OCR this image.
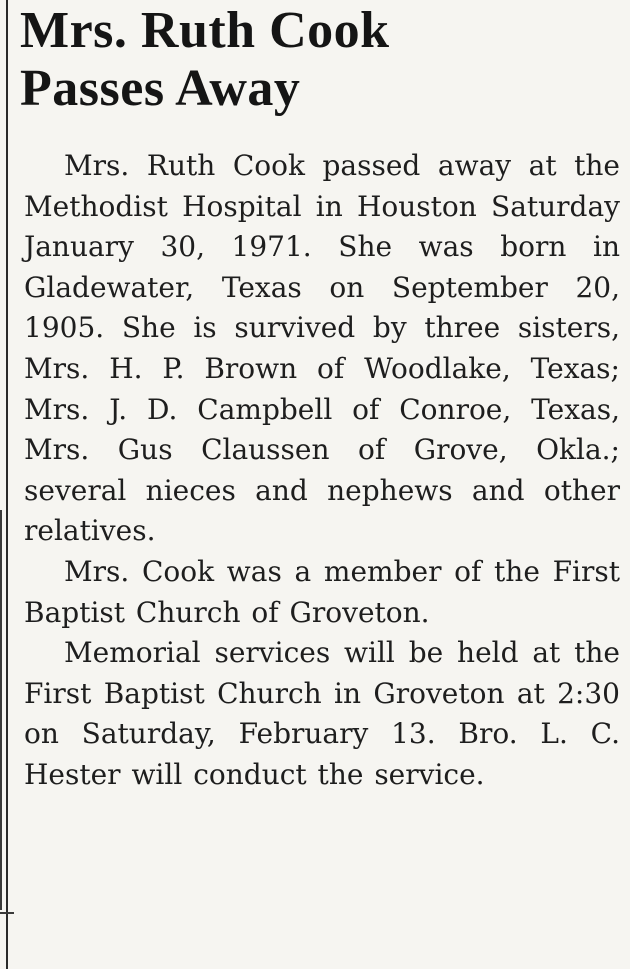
Mrs. Ruth Cook
Passes Away

Mrs. Ruth Cook passed away at the Methodist Hospital in Houston Saturday January 30, 1971. She was born in Gladewater, Texas on September 20, 1905. She is survived by three sisters, Mrs. H. P. Brown of Woodlake, Texas; Mrs. J. D. Campbell of Conroe, Texas, Mrs. Gus Claussen of Grove, Okla.; several nieces and nephews and other relatives.

Mrs. Cook was a member of the First Baptist Church of Groveton.

Memorial services will be held at the First Baptist Church in Groveton at 2:30 on Saturday, February 13. Bro. L. C. Hester will conduct the service.
